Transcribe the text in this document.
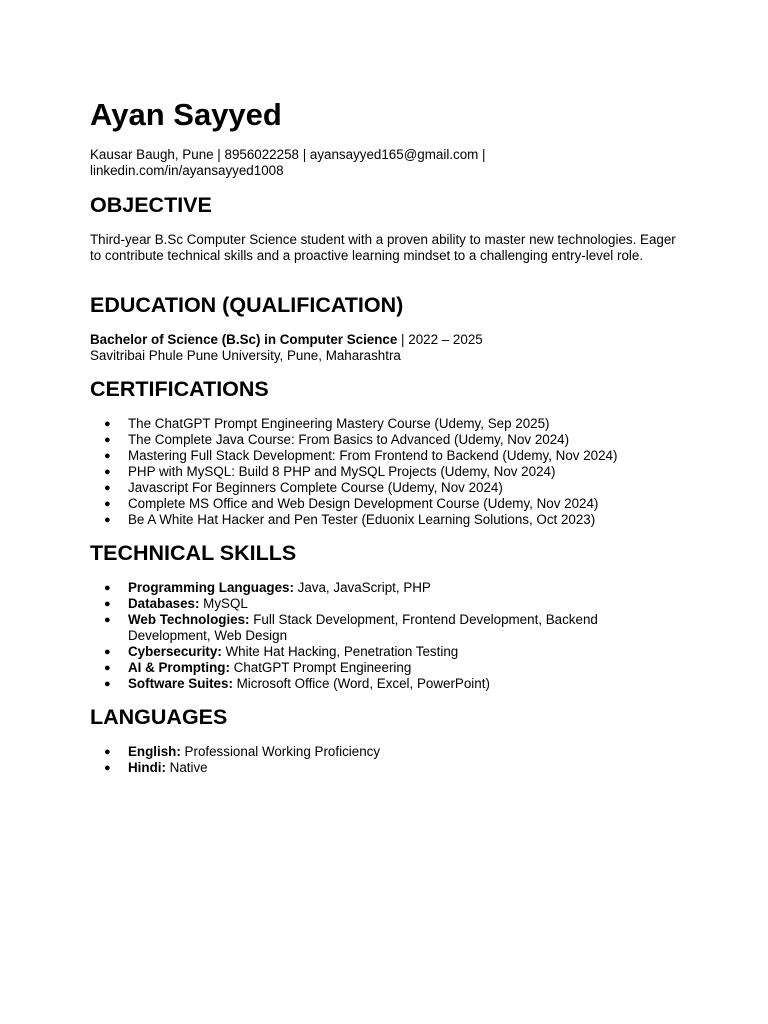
Ayan Sayyed

Kausar Baugh, Pune | 8956022258 | ayansayyed165@gmail.com |
linkedin.com/in/ayansayyed1008

OBJECTIVE

Third-year B.Sc Computer Science student with a proven ability to master new technologies. Eager to contribute technical skills and a proactive learning mindset to a challenging entry-level role.

EDUCATION (QUALIFICATION)

Bachelor of Science (B.Sc) in Computer Science | 2022 – 2025
Savitribai Phule Pune University, Pune, Maharashtra

CERTIFICATIONS
● The ChatGPT Prompt Engineering Mastery Course (Udemy, Sep 2025)
● The Complete Java Course: From Basics to Advanced (Udemy, Nov 2024)
● Mastering Full Stack Development: From Frontend to Backend (Udemy, Nov 2024)
● PHP with MySQL: Build 8 PHP and MySQL Projects (Udemy, Nov 2024)
● Javascript For Beginners Complete Course (Udemy, Nov 2024)
● Complete MS Office and Web Design Development Course (Udemy, Nov 2024)
● Be A White Hat Hacker and Pen Tester (Eduonix Learning Solutions, Oct 2023)
TECHNICAL SKILLS
● Programming Languages: Java, JavaScript, PHP
● Databases: MySQL
● Web Technologies: Full Stack Development, Frontend Development, Backend Development, Web Design
● Cybersecurity: White Hat Hacking, Penetration Testing
● AI & Prompting: ChatGPT Prompt Engineering
● Software Suites: Microsoft Office (Word, Excel, PowerPoint)
LANGUAGES
● English: Professional Working Proficiency
● Hindi: Native
